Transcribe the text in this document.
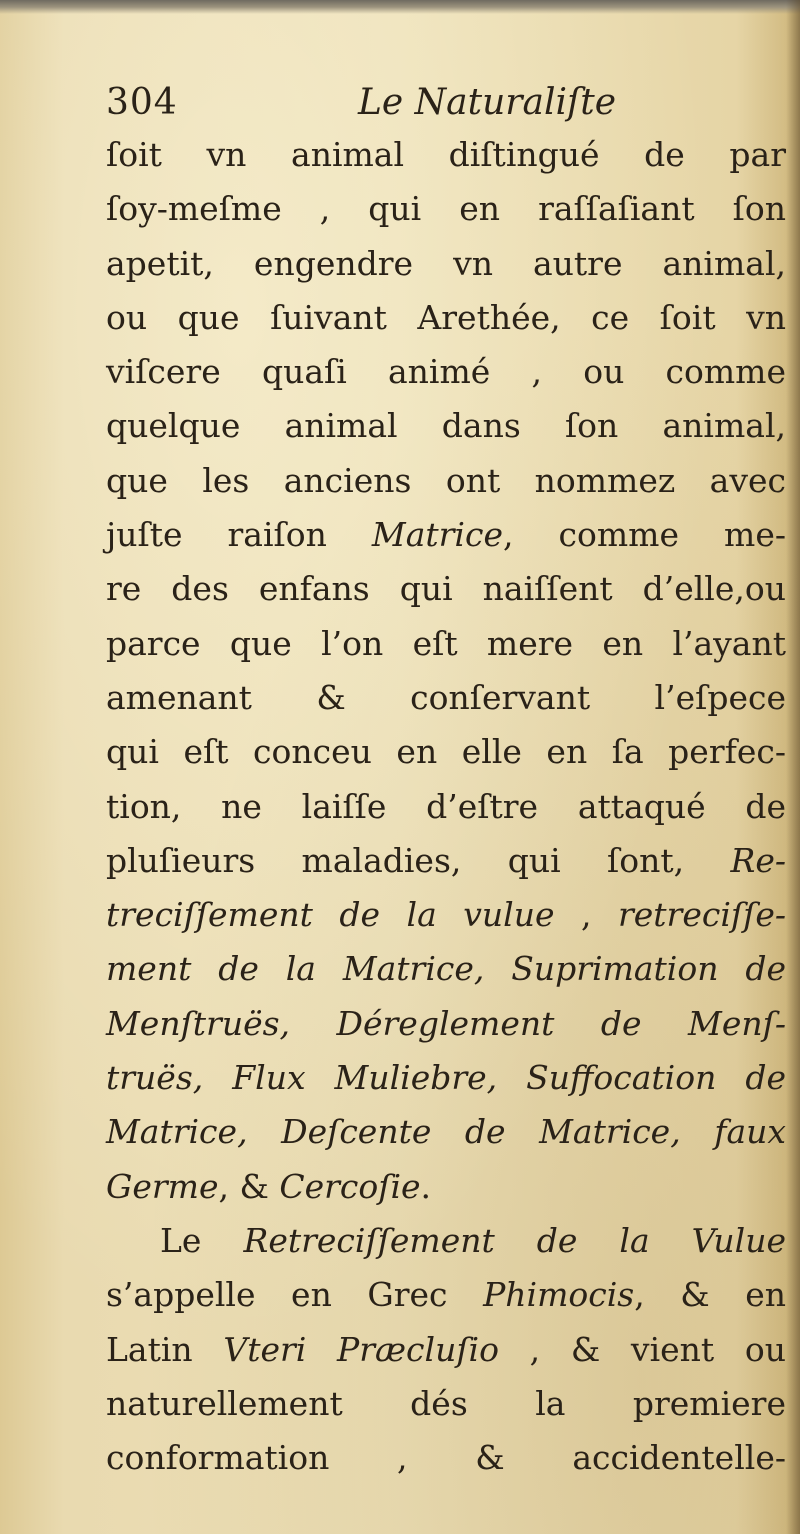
304	Le Naturaliſte
ſoit vn animal diſtingué de par
ſoy-meſme , qui en raſſaſiant ſon
apetit, engendre vn autre animal,
ou que ſuivant Arethée, ce ſoit vn
viſcere quaſi animé , ou comme
quelque animal dans ſon animal,
que les anciens ont nommez avec
juſte raiſon Matrice, comme me-
re des enfans qui naiſſent d’elle,ou
parce que l’on eſt mere en l’ayant
amenant & conſervant l’eſpece
qui eſt conceu en elle en ſa perfec-
tion, ne laiſſe d’eſtre attaqué de
pluſieurs maladies, qui ſont, Re-
treciſſement de la vulue , retreciſſe-
ment de la Matrice, Suprimation de
Menſtruës, Déreglement de Menſ-
truës, Flux Muliebre, Suffocation de
Matrice, Deſcente de Matrice, faux
Germe, & Cercoſie.
Le Retreciſſement de la Vulue
s’appelle en Grec Phimocis, & en
Latin Vteri Præcluſio , & vient ou
naturellement dés la premiere
conformation , & accidentelle-
